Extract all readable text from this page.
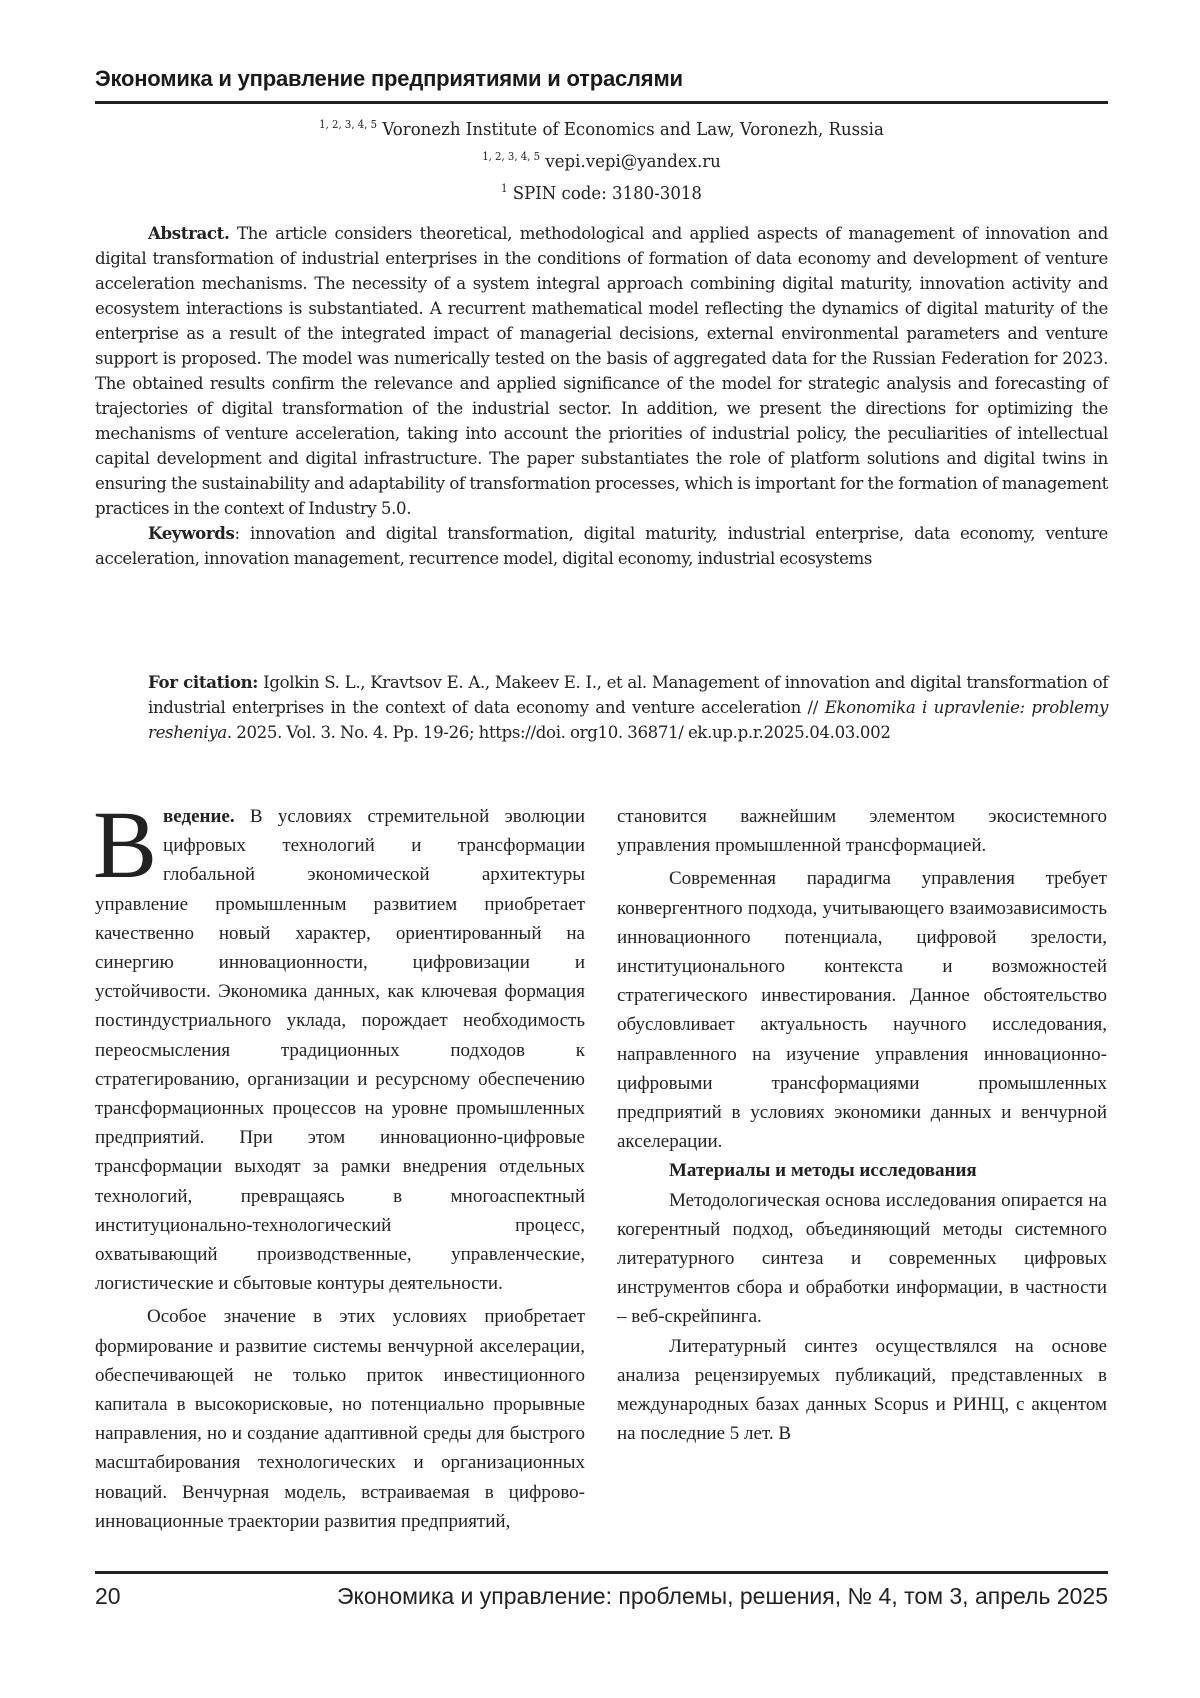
Экономика и управление предприятиями и отраслями
1, 2, 3, 4, 5 Voronezh Institute of Economics and Law, Voronezh, Russia
1, 2, 3, 4, 5 vepi.vepi@yandex.ru
1 SPIN code: 3180-3018

Abstract. The article considers theoretical, methodological and applied aspects of management of innovation and digital transformation of industrial enterprises in the conditions of formation of data economy and development of venture acceleration mechanisms. The necessity of a system integral approach combining digital maturity, innovation activity and ecosystem interactions is substantiated. A recurrent mathematical model reflecting the dynamics of digital maturity of the enterprise as a result of the integrated impact of managerial decisions, external environmental parameters and venture support is proposed. The model was numerically tested on the basis of aggregated data for the Russian Federation for 2023. The obtained results confirm the relevance and applied significance of the model for strategic analysis and forecasting of trajectories of digital transformation of the industrial sector. In addition, we present the directions for optimizing the mechanisms of venture acceleration, taking into account the priorities of industrial policy, the peculiarities of intellectual capital development and digital infrastructure. The paper substantiates the role of platform solutions and digital twins in ensuring the sustainability and adaptability of transformation processes, which is important for the formation of management practices in the context of Industry 5.0.

Keywords: innovation and digital transformation, digital maturity, industrial enterprise, data economy, venture acceleration, innovation management, recurrence model, digital economy, industrial ecosystems

For citation: Igolkin S. L., Kravtsov E. A., Makeev E. I., et al. Management of innovation and digital transformation of industrial enterprises in the context of data economy and venture acceleration // Ekonomika i upravlenie: problemy resheniya. 2025. Vol. 3. No. 4. Pp. 19-26; https://doi. org10. 36871/ ek.up.p.r.2025.04.03.002

В ведение. В условиях стремительной эволюции цифровых технологий и трансформации глобальной экономической архитектуры управление промышленным развитием приобретает качественно новый характер, ориентированный на синергию инновационности, цифровизации и устойчивости. Экономика данных, как ключевая формация постиндустриального уклада, порождает необходимость переосмысления традиционных подходов к стратегированию, организации и ресурсному обеспечению трансформационных процессов на уровне промышленных предприятий. При этом инновационно-цифровые трансформации выходят за рамки внедрения отдельных технологий, превращаясь в многоаспектный институционально-технологический процесс, охватывающий производственные, управленческие, логистические и сбытовые контуры деятельности.

Особое значение в этих условиях приобретает формирование и развитие системы венчурной акселерации, обеспечивающей не только приток инвестиционного капитала в высокорисковые, но потенциально прорывные направления, но и создание адаптивной среды для быстрого масштабирования технологических и организационных новаций. Венчурная модель, встраиваемая в цифрово-инновационные траектории развития предприятий,

становится важнейшим элементом экосистемного управления промышленной трансформацией.

Современная парадигма управления требует конвергентного подхода, учитывающего взаимозависимость инновационного потенциала, цифровой зрелости, институционального контекста и возможностей стратегического инвестирования. Данное обстоятельство обусловливает актуальность научного исследования, направленного на изучение управления инновационно-цифровыми трансформациями промышленных предприятий в условиях экономики данных и венчурной акселерации.

Материалы и методы исследования

Методологическая основа исследования опирается на когерентный подход, объединяющий методы системного литературного синтеза и современных цифровых инструментов сбора и обработки информации, в частности – веб-скрейпинга.

Литературный синтез осуществлялся на основе анализа рецензируемых публикаций, представленных в международных базах данных Scopus и РИНЦ, с акцентом на последние 5 лет. В

20	Экономика и управление: проблемы, решения, № 4, том 3, апрель 2025
